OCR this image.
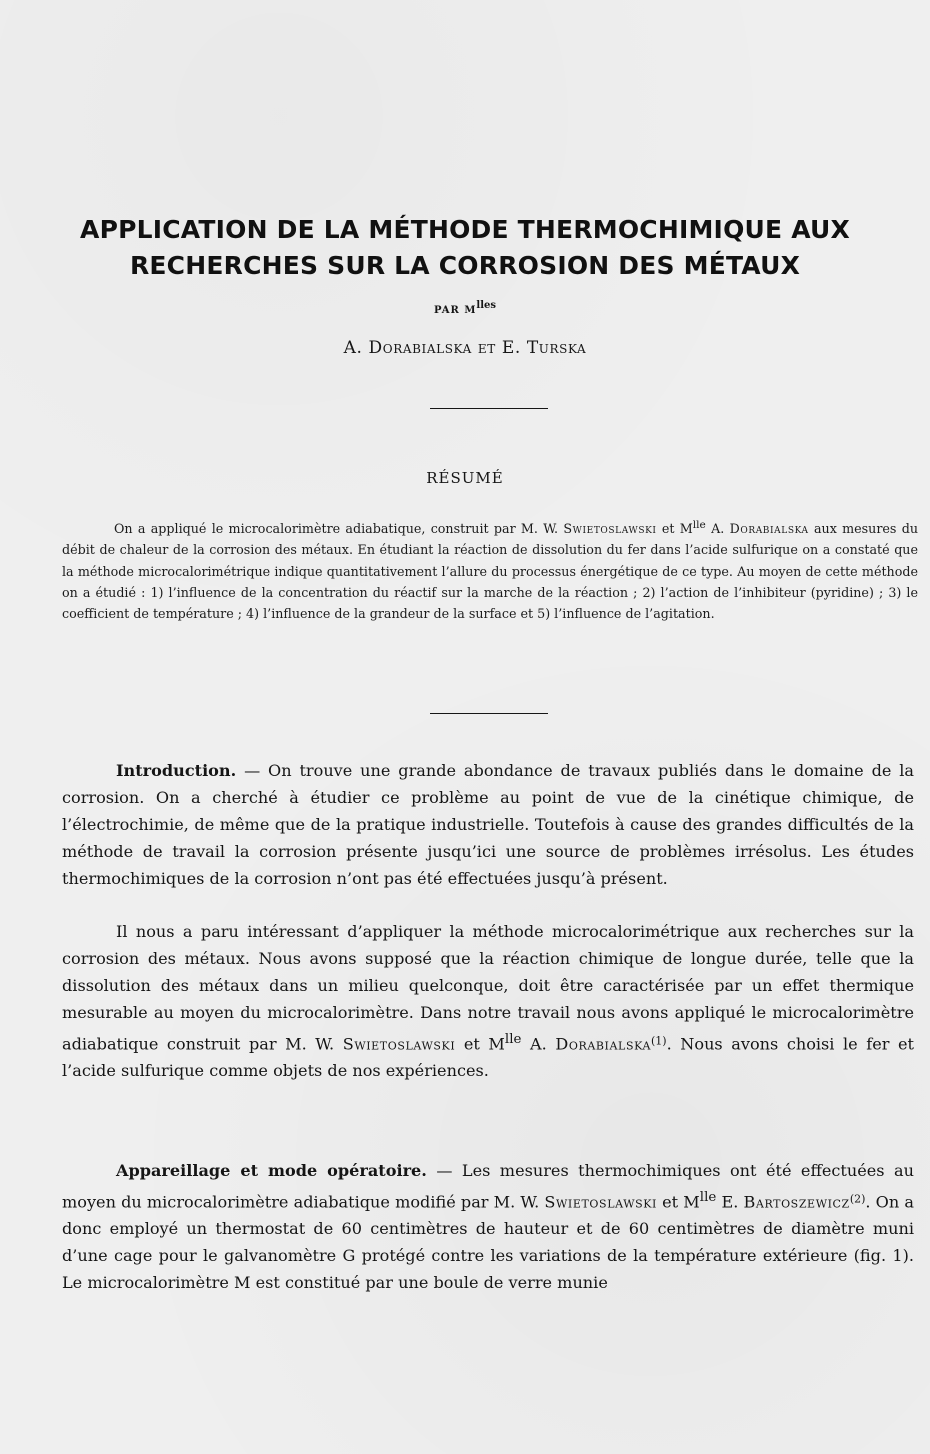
APPLICATION DE LA MÉTHODE THERMOCHIMIQUE AUX RECHERCHES SUR LA CORROSION DES MÉTAUX
PAR $M^{lles}$
A. Dorabialska et E. Turska
RÉSUMÉ
On a appliqué le microcalorimètre adiabatique, construit par M. W. Swietoslawski et $M^{lle}$ A. Dorabialska aux mesures du débit de chaleur de la corrosion des métaux. En étudiant la réaction de dissolution du fer dans l’acide sulfurique on a constaté que la méthode microcalorimétrique indique quantitativement l’allure du processus énergétique de ce type. Au moyen de cette méthode on a étudié : 1) l’influence de la concentration du réactif sur la marche de la réaction ; 2) l’action de l’inhibiteur (pyridine) ; 3) le coefficient de température ; 4) l’influence de la grandeur de la surface et 5) l’influence de l’agitation.
Introduction. — On trouve une grande abondance de travaux publiés dans le domaine de la corrosion. On a cherché à étudier ce problème au point de vue de la cinétique chimique, de l’électrochimie, de même que de la pratique industrielle. Toutefois à cause des grandes difficultés de la méthode de travail la corrosion présente jusqu’ici une source de problèmes irrésolus. Les études thermochimiques de la corrosion n’ont pas été effectuées jusqu’à présent.
Il nous a paru intéressant d’appliquer la méthode microcalorimétrique aux recherches sur la corrosion des métaux. Nous avons supposé que la réaction chimique de longue durée, telle que la dissolution des métaux dans un milieu quelconque, doit être caractérisée par un effet thermique mesurable au moyen du microcalorimètre. Dans notre travail nous avons appliqué le microcalorimètre adiabatique construit par M. W. Swietoslawski et $M^{lle}$ A. Dorabialska$^{(1)}$. Nous avons choisi le fer et l’acide sulfurique comme objets de nos expériences.
Appareillage et mode opératoire. — Les mesures thermochimiques ont été effectuées au moyen du microcalorimètre adiabatique modifié par M. W. Swietoslawski et $M^{lle}$ E. Bartoszewicz$^{(2)}$. On a donc employé un thermostat de 60 centimètres de hauteur et de 60 centimètres de diamètre muni d’une cage pour le galvanomètre G protégé contre les variations de la température extérieure (fig. 1). Le microcalorimètre M est constitué par une boule de verre munie
